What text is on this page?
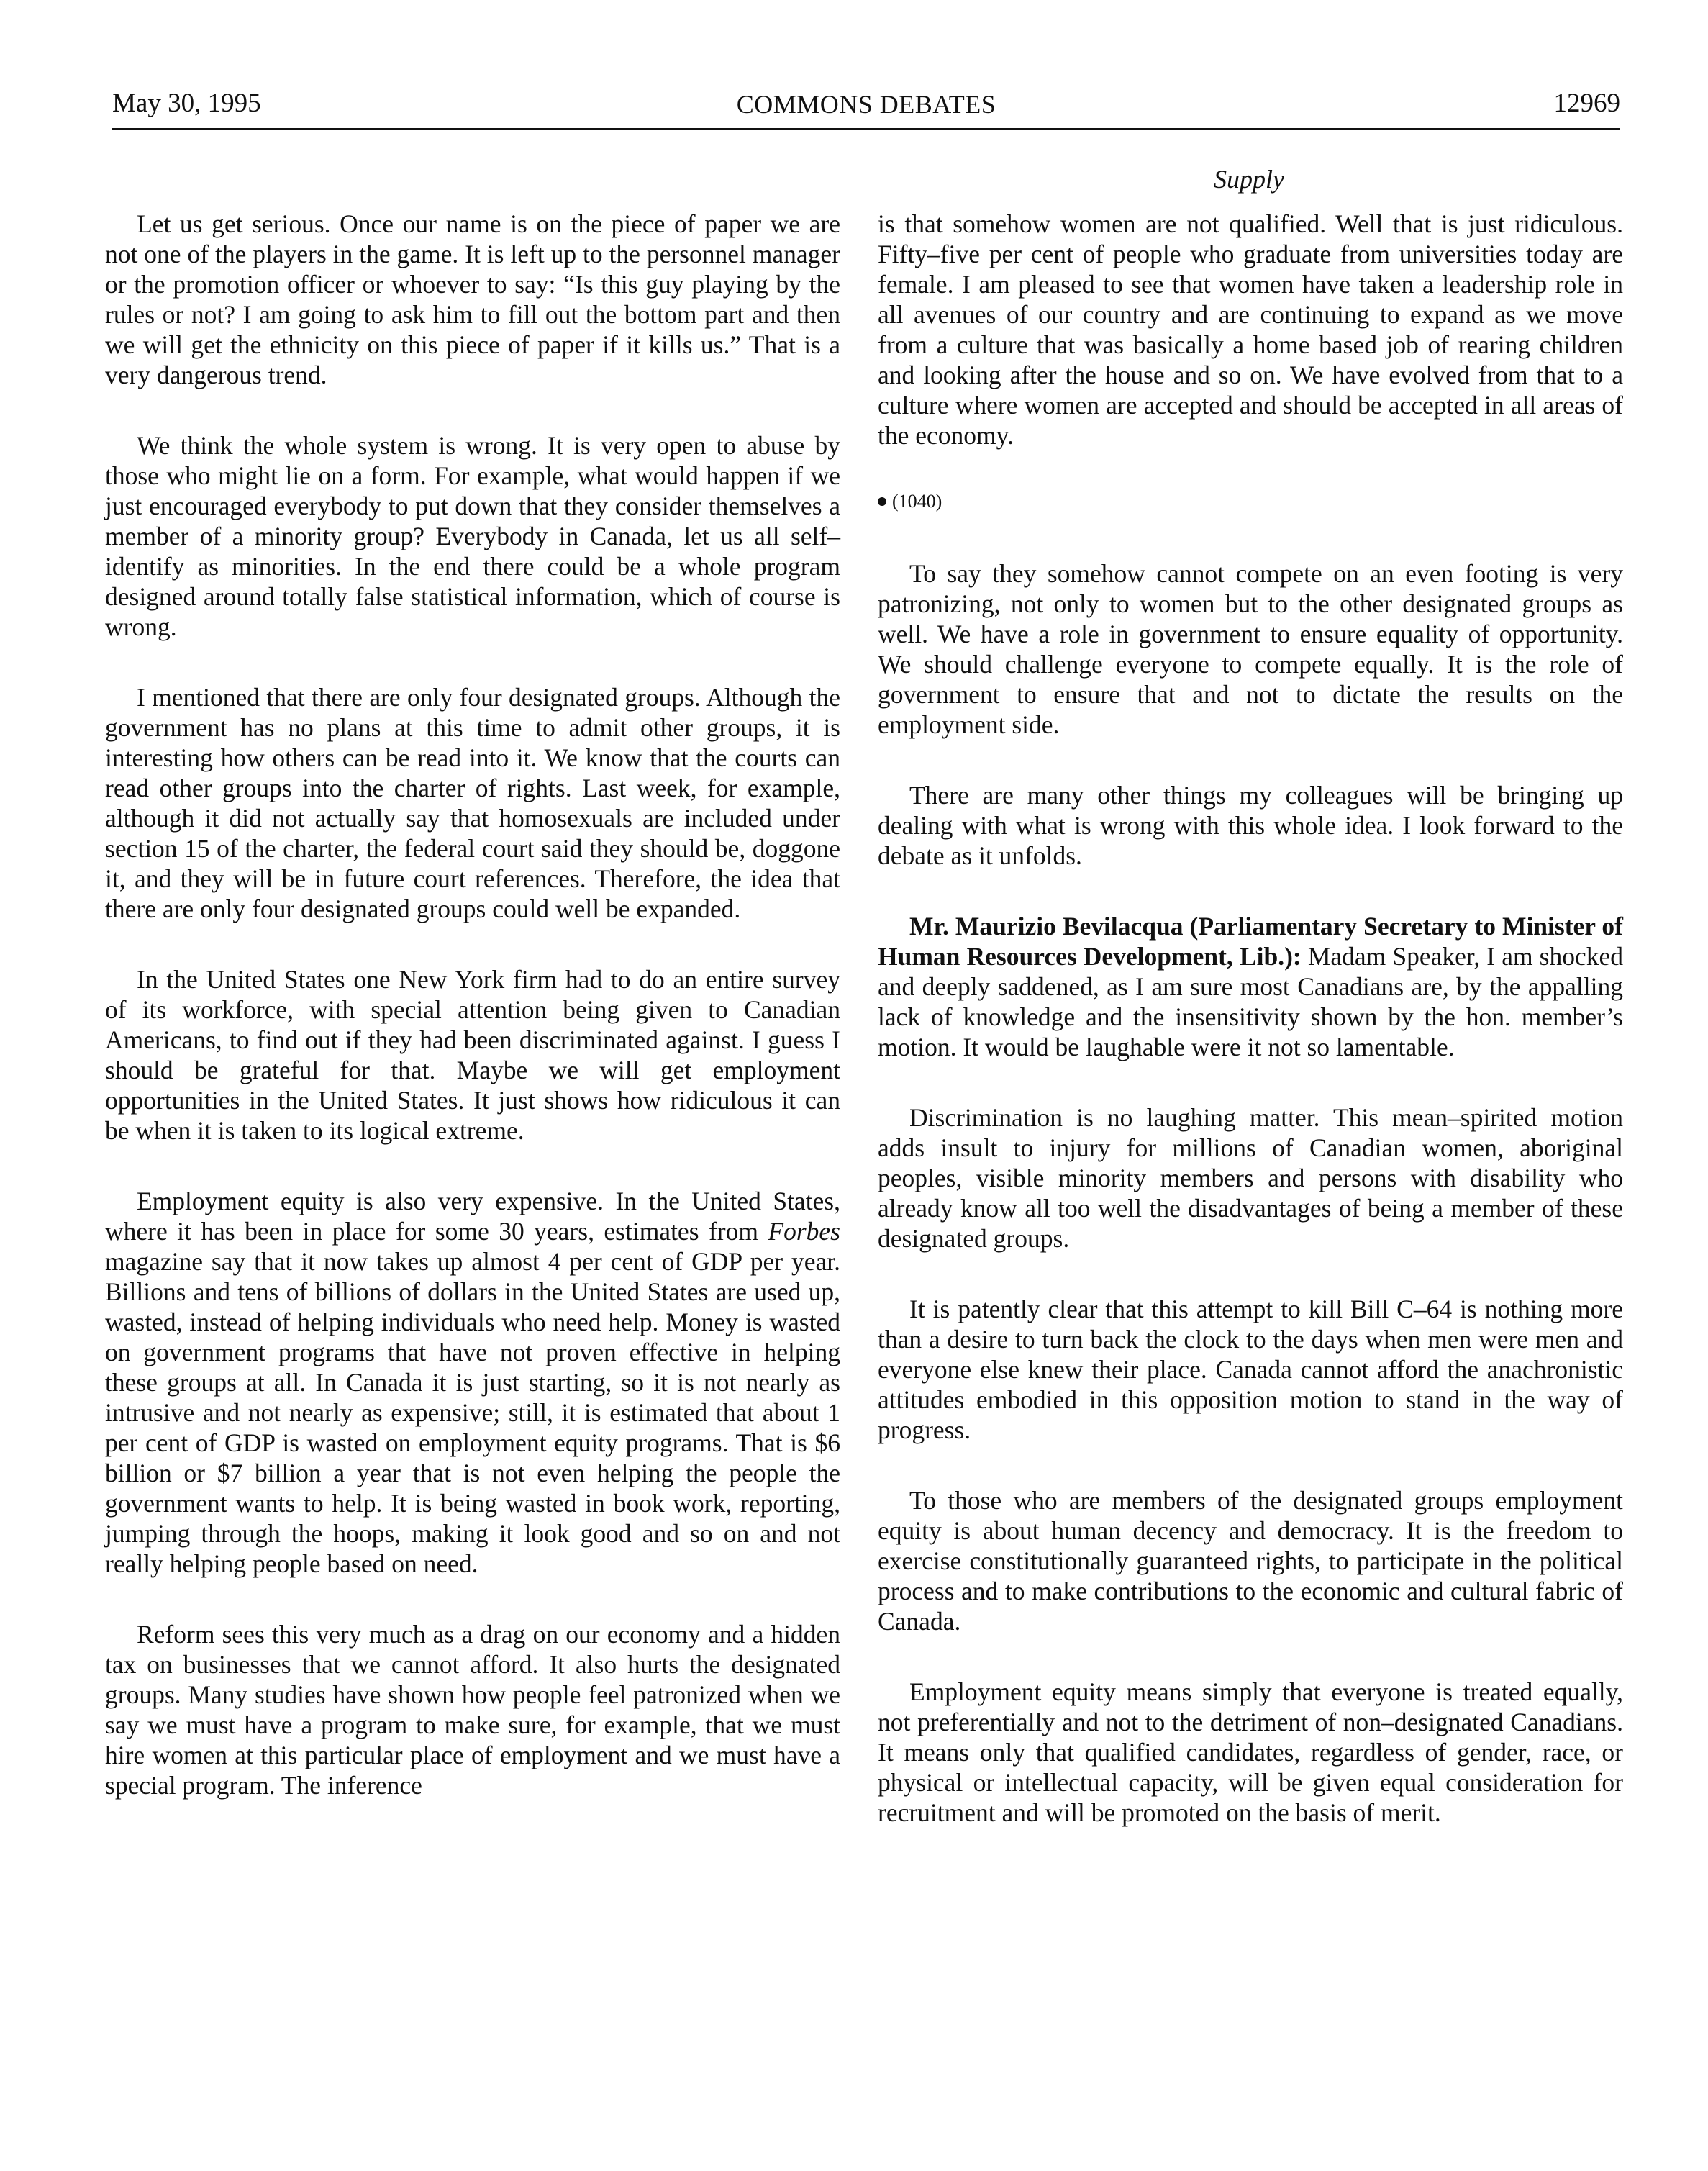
May 30, 1995	COMMONS DEBATES	12969
Supply

Let us get serious. Once our name is on the piece of paper we are not one of the players in the game. It is left up to the personnel manager or the promotion officer or whoever to say: “Is this guy playing by the rules or not? I am going to ask him to fill out the bottom part and then we will get the ethnicity on this piece of paper if it kills us.” That is a very dangerous trend.

We think the whole system is wrong. It is very open to abuse by those who might lie on a form. For example, what would happen if we just encouraged everybody to put down that they consider themselves a member of a minority group? Everybody in Canada, let us all self–identify as minorities. In the end there could be a whole program designed around totally false statistical information, which of course is wrong.

I mentioned that there are only four designated groups. Although the government has no plans at this time to admit other groups, it is interesting how others can be read into it. We know that the courts can read other groups into the charter of rights. Last week, for example, although it did not actually say that homosexuals are included under section 15 of the charter, the federal court said they should be, doggone it, and they will be in future court references. Therefore, the idea that there are only four designated groups could well be expanded.

In the United States one New York firm had to do an entire survey of its workforce, with special attention being given to Canadian Americans, to find out if they had been discriminated against. I guess I should be grateful for that. Maybe we will get employment opportunities in the United States. It just shows how ridiculous it can be when it is taken to its logical extreme.

Employment equity is also very expensive. In the United States, where it has been in place for some 30 years, estimates from Forbes magazine say that it now takes up almost 4 per cent of GDP per year. Billions and tens of billions of dollars in the United States are used up, wasted, instead of helping individuals who need help. Money is wasted on government programs that have not proven effective in helping these groups at all. In Canada it is just starting, so it is not nearly as intrusive and not nearly as expensive; still, it is estimated that about 1 per cent of GDP is wasted on employment equity programs. That is $6 billion or $7 billion a year that is not even helping the people the government wants to help. It is being wasted in book work, reporting, jumping through the hoops, making it look good and so on and not really helping people based on need.

Reform sees this very much as a drag on our economy and a hidden tax on businesses that we cannot afford. It also hurts the designated groups. Many studies have shown how people feel patronized when we say we must have a program to make sure, for example, that we must hire women at this particular place of employment and we must have a special program. The inference

is that somehow women are not qualified. Well that is just ridiculous. Fifty–five per cent of people who graduate from universities today are female. I am pleased to see that women have taken a leadership role in all avenues of our country and are continuing to expand as we move from a culture that was basically a home based job of rearing children and looking after the house and so on. We have evolved from that to a culture where women are accepted and should be accepted in all areas of the economy.

(1040)

To say they somehow cannot compete on an even footing is very patronizing, not only to women but to the other designated groups as well. We have a role in government to ensure equality of opportunity. We should challenge everyone to compete equally. It is the role of government to ensure that and not to dictate the results on the employment side.

There are many other things my colleagues will be bringing up dealing with what is wrong with this whole idea. I look forward to the debate as it unfolds.

Mr. Maurizio Bevilacqua (Parliamentary Secretary to Minister of Human Resources Development, Lib.): Madam Speaker, I am shocked and deeply saddened, as I am sure most Canadians are, by the appalling lack of knowledge and the insensitivity shown by the hon. member’s motion. It would be laughable were it not so lamentable.

Discrimination is no laughing matter. This mean–spirited motion adds insult to injury for millions of Canadian women, aboriginal peoples, visible minority members and persons with disability who already know all too well the disadvantages of being a member of these designated groups.

It is patently clear that this attempt to kill Bill C–64 is nothing more than a desire to turn back the clock to the days when men were men and everyone else knew their place. Canada cannot afford the anachronistic attitudes embodied in this opposition motion to stand in the way of progress.

To those who are members of the designated groups employment equity is about human decency and democracy. It is the freedom to exercise constitutionally guaranteed rights, to participate in the political process and to make contributions to the economic and cultural fabric of Canada.

Employment equity means simply that everyone is treated equally, not preferentially and not to the detriment of non–designated Canadians. It means only that qualified candidates, regardless of gender, race, or physical or intellectual capacity, will be given equal consideration for recruitment and will be promoted on the basis of merit.
